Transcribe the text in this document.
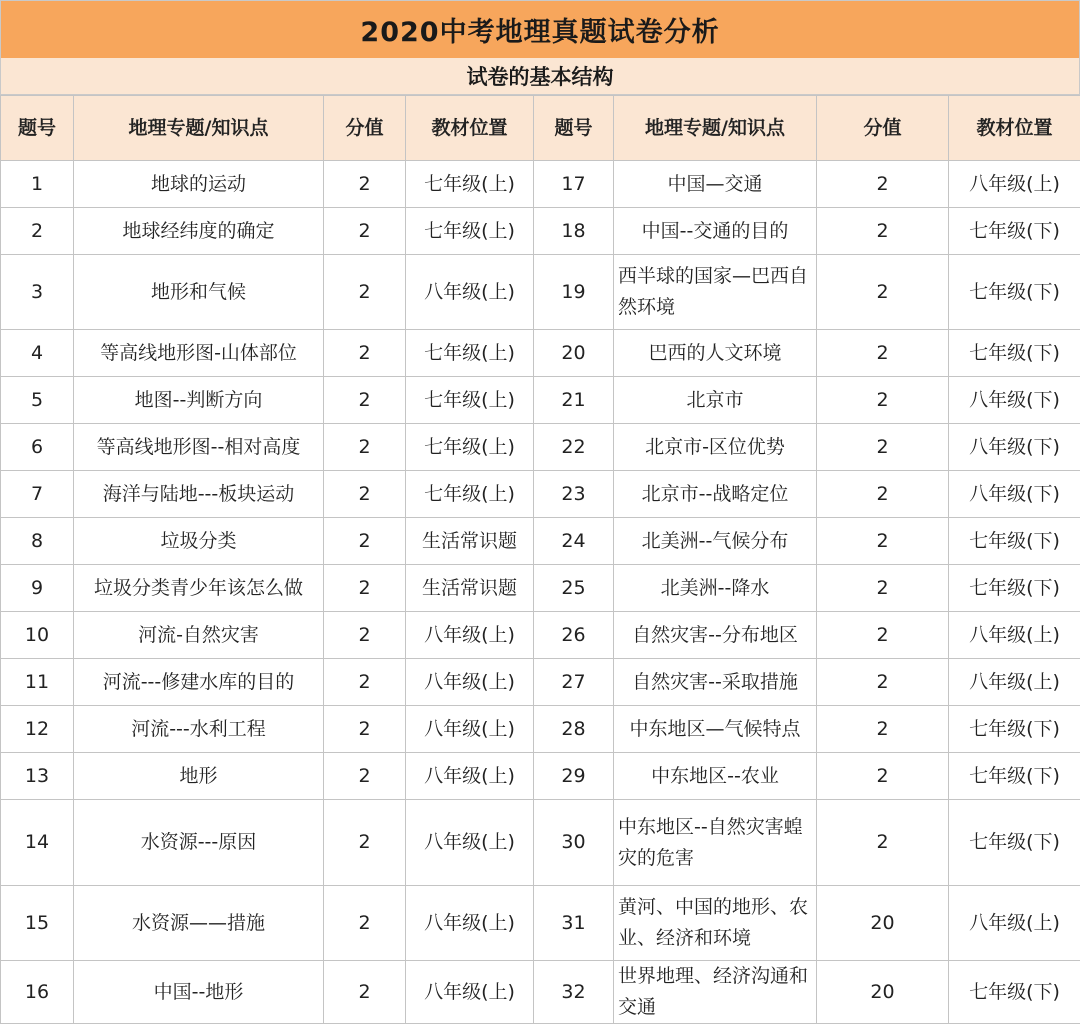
2020中考地理真题试卷分析
试卷的基本结构
题号	地理专题/知识点	分值	教材位置	题号	地理专题/知识点	分值	教材位置
1	地球的运动	2	七年级(上)	17	中国—交通	2	八年级(上)
2	地球经纬度的确定	2	七年级(上)	18	中国--交通的目的	2	七年级(下)
3	地形和气候	2	八年级(上)	19	西半球的国家—巴西自然环境	2	七年级(下)
4	等高线地形图-山体部位	2	七年级(上)	20	巴西的人文环境	2	七年级(下)
5	地图--判断方向	2	七年级(上)	21	北京市	2	八年级(下)
6	等高线地形图--相对高度	2	七年级(上)	22	北京市-区位优势	2	八年级(下)
7	海洋与陆地---板块运动	2	七年级(上)	23	北京市--战略定位	2	八年级(下)
8	垃圾分类	2	生活常识题	24	北美洲--气候分布	2	七年级(下)
9	垃圾分类青少年该怎么做	2	生活常识题	25	北美洲--降水	2	七年级(下)
10	河流-自然灾害	2	八年级(上)	26	自然灾害--分布地区	2	八年级(上)
11	河流---修建水库的目的	2	八年级(上)	27	自然灾害--采取措施	2	八年级(上)
12	河流---水利工程	2	八年级(上)	28	中东地区—气候特点	2	七年级(下)
13	地形	2	八年级(上)	29	中东地区--农业	2	七年级(下)
14	水资源---原因	2	八年级(上)	30	中东地区--自然灾害蝗灾的危害	2	七年级(下)
15	水资源——措施	2	八年级(上)	31	黄河、中国的地形、农业、经济和环境	20	八年级(上)
16	中国--地形	2	八年级(上)	32	世界地理、经济沟通和交通	20	七年级(下)
